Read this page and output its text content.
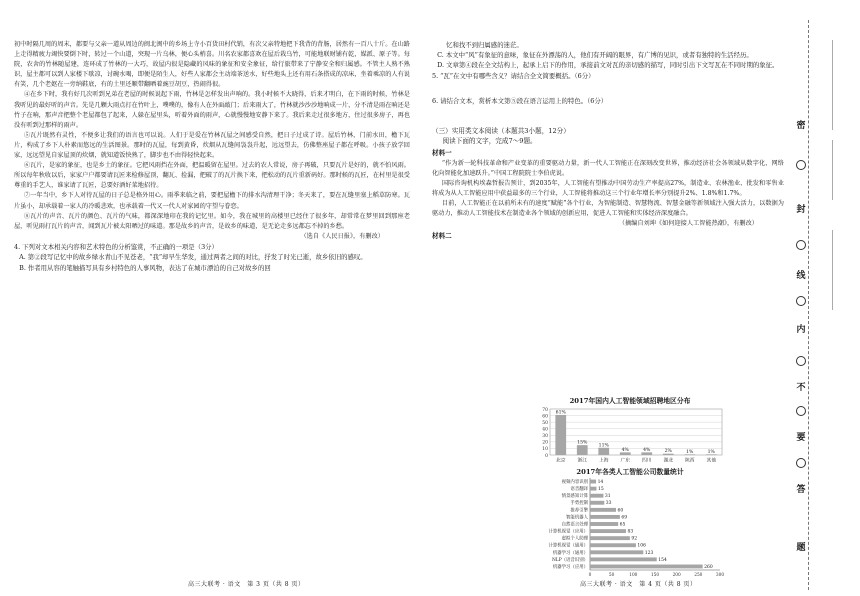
初中时隔几周的周末，都要与父亲一道从周边的闽北闽中的乡场上寺小百货田村代销，有次父亲特地把下我背的背肠，居然有一百八十斤。在山路上走得精疲力竭快要倒下时，转过一个山道，突现一片乌林，便心头梢喜。川名农家都喜欢在屋后栽乌竹，可能地联财铺有乾，媒派、原子等。每院，农舍的竹林随屋建，连环成了竹林的一大巧，故屋内很是隐藏的风味的象征和安全象征，给行旅带来了宁静安全和归属感。不管主人熟不熟识，屋主都可以到人家楼下歇凉，讨碗水喝，即便是陌生人，好些人家都会主动端茶送水，好些地头上还有用石条搭成的凉床，坐着乘凉的人有说有笑，几个老妪在一旁纳鞋底，有的土里还顺带翻晒着豌豆胡豆，热闹得很。

④在乡下时，我有好几次听到兄弟在老屋的时候说起下雨，竹林是怎样发出声响的。我小时候不大晓得，后来才明白，在下雨的时候，竹林是我听见的最好听的声音。先是几颗大雨点打在竹叶上，噗噗的，像有人在外面敲门；后来雨大了，竹林就沙沙沙地响成一片，分不清是雨在响还是竹子在响，那声音把整个老屋都包了起来，人躲在屋里头，听着外面的雨声，心就慢慢地安静下来了。我后来走过很多地方，住过很多房子，再也没有听到过那样的雨声。

⑤瓦片既然有灵性，不便多让我们的语言也可以说。人们于是爱在竹林瓦屋之间感受自然，把日子过成了诗。屋后竹林，门前水田，檐下瓦片，构成了乡下人朴素而悠远的生活图景。那时的瓦屋，每到黄昏，炊烟从瓦缝间袅袅升起，远远望去，仿佛整座屋子都在呼吸。小孩子放学回家，远远望见自家屋顶的炊烟，就知道饭快熟了，脚步也不由得轻快起来。

⑥瓦片，是家的象征，也是乡土的象征。它把风雨挡在外面，把温暖留在屋里。过去的农人常说，房子再破，只要瓦片是好的，就不怕风雨。所以每年秋收以后，家家户户都要请瓦匠来检修屋顶，翻瓦、捡漏，把破了的瓦片换下来，把松动的瓦片重新码好。那时候的瓦匠，在村里是很受尊重的手艺人，谁家请了瓦匠，总要好酒好菜地招待。

⑦一年当中，乡下人对待瓦屋的日子总是格外用心。雨季来临之前，要把屋檐下的排水沟清理干净；冬天来了，要在瓦缝里塞上稻草防寒。瓦片虽小，却承载着一家人的冷暖悲欢，也承载着一代又一代人对家园的守望与眷恋。

⑧瓦片的声音、瓦片的颜色、瓦片的气味，都深深地印在我的记忆里。如今，我在城里的高楼里已经住了很多年，却常常在梦里回到那座老屋，听见雨打瓦片的声音，闻到瓦片被太阳晒过的味道。那是故乡的声音，是故乡的味道，是无论走多远都忘不掉的乡愁。

（选自《人民日报》，有删改）

4. 下列对文本相关内容和艺术特色的分析鉴赏，不正确的一项是（3分）

A. 第②段写记忆中的故乡绿水青山不见苍老，“我”却早生华发，通过两者之间的对比，抒发了时光已逝，故乡依旧的感叹。

B. 作者用从容的笔触描写具有乡村特色的人事风物，表达了在城市漂泊的自己对故乡的回

高三大联考 · 语文　第 3 页（共 8 页）

忆和找不到归属感的迷茫。

C. 本文中“风”有象征的意味，象征在外漂荡的人，他们有开阔的眼界，有广博的见识，或者有独特的生活经历。

D. 文章第④段在全文结构上，起承上启下的作用，承接前文对瓦的亲切感的描写，同时引出下文写瓦在不同时期的象征。

5. “瓦”在文中有哪些含义？请结合全文简要概括。（6分）

6. 请结合文本，赏析本文第⑤段在语言运用上的特色。（6分）

（三）实用类文本阅读（本题共3小题，12分）

阅读下面的文字，完成7～9题。

材料一

“作为新一轮科技革命和产业变革的重要驱动力量，新一代人工智能正在深刻改变世界，推动经济社会各领域从数字化、网络化向智能化加速跃升。”中国工程院院士李伯虎说。

国际咨询机构埃森哲报告预计，到2035年，人工智能有望推动中国劳动生产率提高27%，制造业、农林渔业、批发和零售业将成为从人工智能应用中获益最多的三个行业，人工智能将推动这三个行业年增长率分别提升2%、1.8%和1.7%。

目前，人工智能正在以前所未有的速度“赋能”各个行业，为智能制造、智慧物流、智慧金融等新领域注入强大活力，以数据为驱动力，推动人工智能技术在制造业各个领域的创新应用，促进人工智能和实体经济深度融合。

（摘编自刘坤《如何迎接人工智能热潮》，有删改）

材料二

2017年国内人工智能领域招聘地区分布
0
10
20
30
40
50
60
70
61%
北京
15%
浙江
11%
上海
4%
广东
4%
四川
2%
湖北
1%
陕西
1%
其他
2017年各类人工智能公司数量统计
0	50	100	150	200	250	300
14
视频内容识别
15
语音翻译
31
情景感知计算
33
手势控制
60
推荐引擎
69
智能机器人
65
自然语言处理
83
计算机视觉（应用）
92
虚拟个人助理
106
计算机视觉（通用）
123
机器学习（通用）
154
NLP（语音识别）
260
机器学习（应用）
高三大联考 · 语文　第 4 页（共 8 页）
密
封
线
内
不
要
答
题
